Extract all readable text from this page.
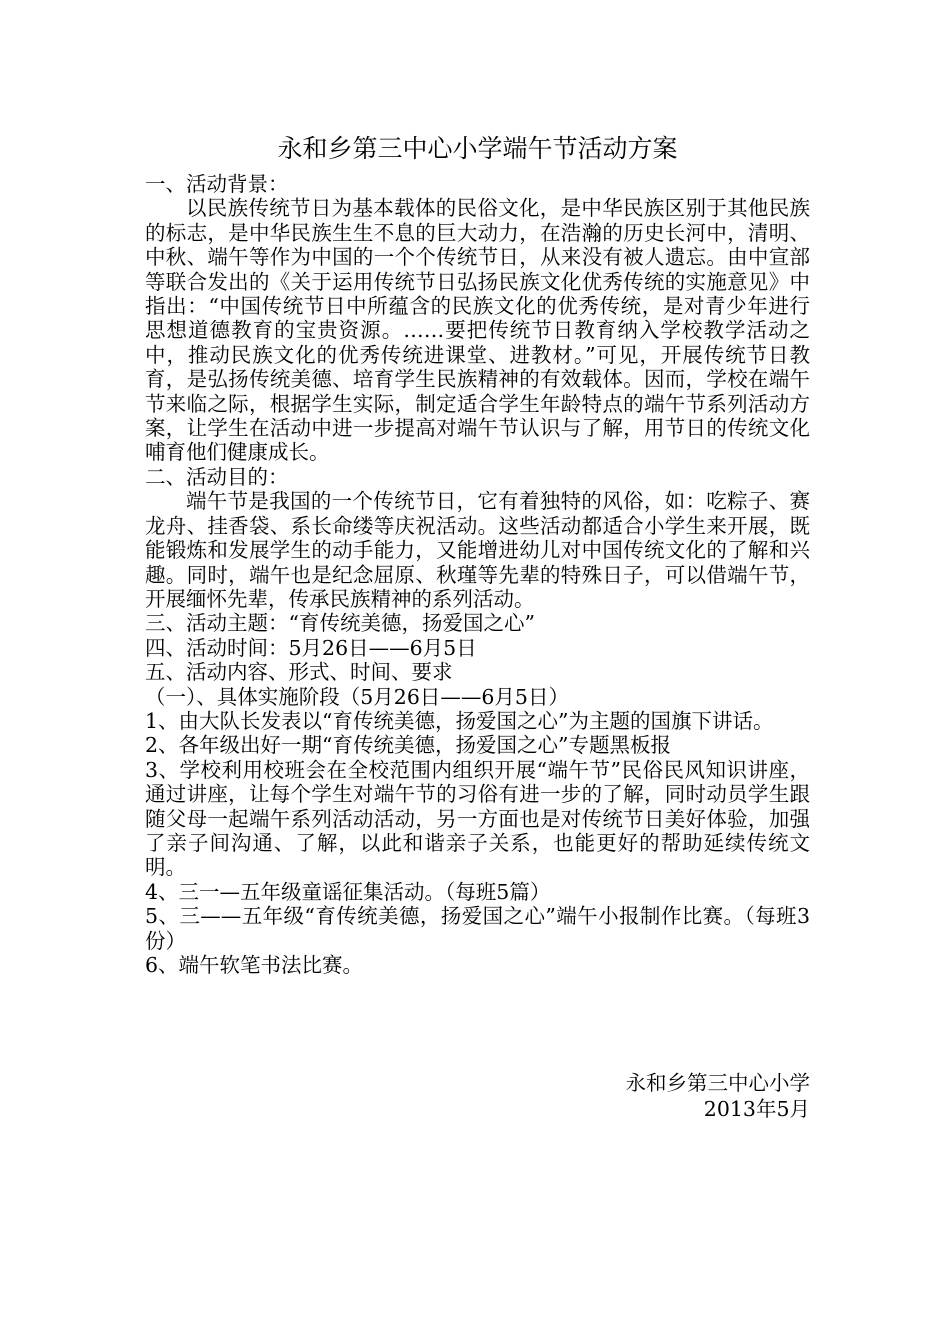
永和乡第三中心小学端午节活动方案

一、活动背景：

以民族传统节日为基本载体的民俗文化，是中华民族区别于其他民族的标志，是中华民族生生不息的巨大动力，在浩瀚的历史长河中，清明、中秋、端午等作为中国的一个个传统节日，从来没有被人遗忘。由中宣部等联合发出的《关于运用传统节日弘扬民族文化优秀传统的实施意见》中指出：“中国传统节日中所蕴含的民族文化的优秀传统，是对青少年进行思想道德教育的宝贵资源。……要把传统节日教育纳入学校教学活动之中，推动民族文化的优秀传统进课堂、进教材。”可见，开展传统节日教育，是弘扬传统美德、培育学生民族精神的有效载体。因而，学校在端午节来临之际，根据学生实际，制定适合学生年龄特点的端午节系列活动方案，让学生在活动中进一步提高对端午节认识与了解，用节日的传统文化哺育他们健康成长。

二、活动目的：

端午节是我国的一个传统节日，它有着独特的风俗，如：吃粽子、赛龙舟、挂香袋、系长命缕等庆祝活动。这些活动都适合小学生来开展，既能锻炼和发展学生的动手能力，又能增进幼儿对中国传统文化的了解和兴趣。同时，端午也是纪念屈原、秋瑾等先辈的特殊日子，可以借端午节，开展缅怀先辈，传承民族精神的系列活动。

三、活动主题：“育传统美德，扬爱国之心”

四、活动时间：5月26日——6月5日

五、活动内容、形式、时间、要求

（一）、具体实施阶段（5月26日——6月5日）

1、由大队长发表以“育传统美德，扬爱国之心”为主题的国旗下讲话。

2、各年级出好一期“育传统美德，扬爱国之心”专题黑板报

3、学校利用校班会在全校范围内组织开展“端午节”民俗民风知识讲座，通过讲座，让每个学生对端午节的习俗有进一步的了解，同时动员学生跟随父母一起端午系列活动活动，另一方面也是对传统节日美好体验，加强了亲子间沟通、了解，以此和谐亲子关系，也能更好的帮助延续传统文明。

4、三一—五年级童谣征集活动。（每班5篇）

5、三——五年级“育传统美德，扬爱国之心”端午小报制作比赛。（每班3份）

6、端午软笔书法比赛。

永和乡第三中心小学
2013年5月
